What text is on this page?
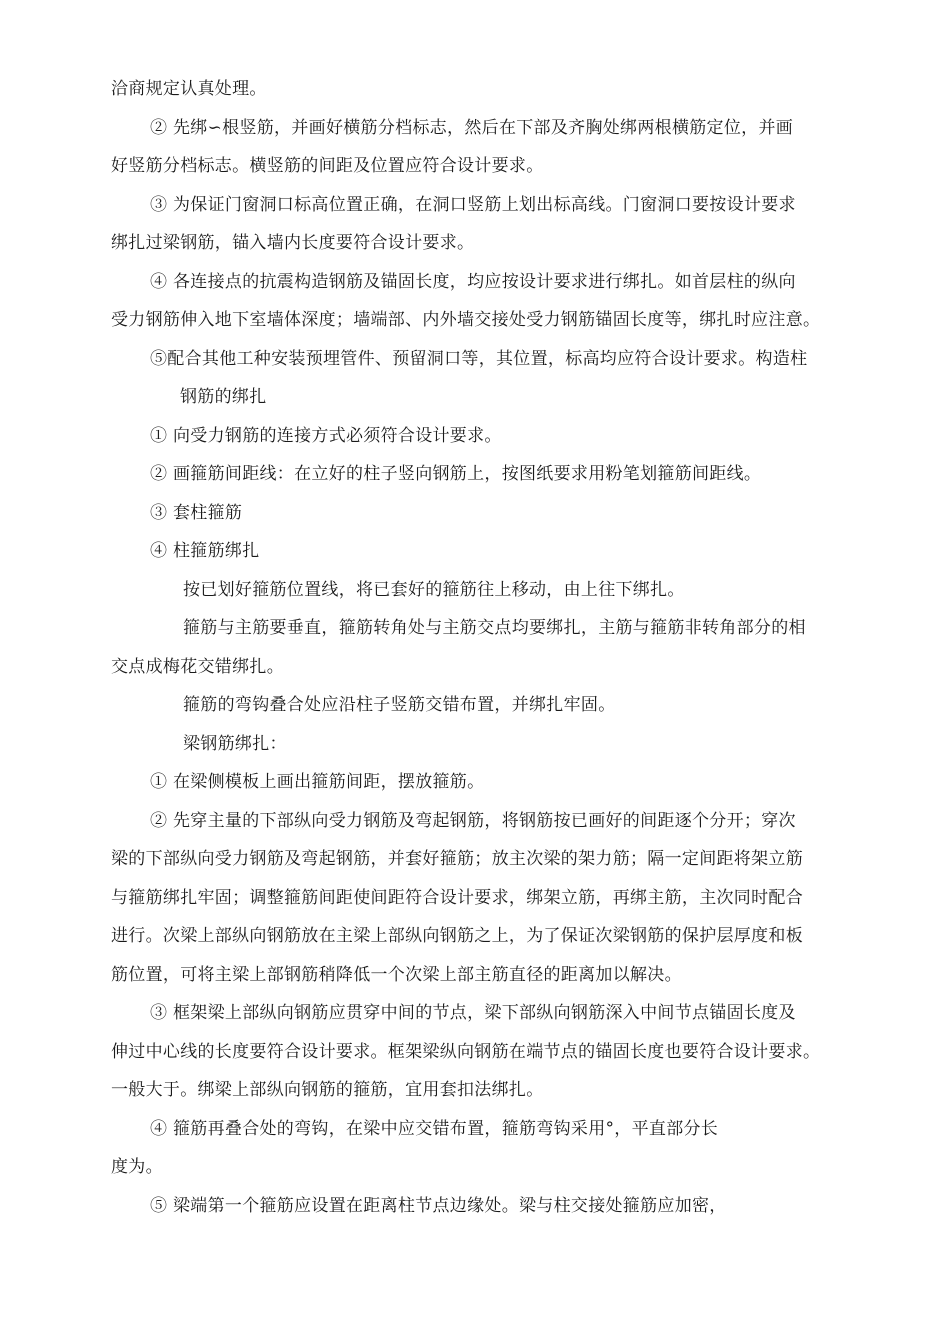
洽商规定认真处理。
② 先绑∽根竖筋，并画好横筋分档标志，然后在下部及齐胸处绑两根横筋定位，并画
好竖筋分档标志。横竖筋的间距及位置应符合设计要求。
③ 为保证门窗洞口标高位置正确，在洞口竖筋上划出标高线。门窗洞口要按设计要求
绑扎过梁钢筋，锚入墙内长度要符合设计要求。
④ 各连接点的抗震构造钢筋及锚固长度，均应按设计要求进行绑扎。如首层柱的纵向
受力钢筋伸入地下室墙体深度；墙端部、内外墙交接处受力钢筋锚固长度等，绑扎时应注意。
⑤配合其他工种安装预埋管件、预留洞口等，其位置，标高均应符合设计要求。构造柱
钢筋的绑扎
① 向受力钢筋的连接方式必须符合设计要求。
② 画箍筋间距线：在立好的柱子竖向钢筋上，按图纸要求用粉笔划箍筋间距线。
③ 套柱箍筋
④ 柱箍筋绑扎
按已划好箍筋位置线，将已套好的箍筋往上移动，由上往下绑扎。
箍筋与主筋要垂直，箍筋转角处与主筋交点均要绑扎，主筋与箍筋非转角部分的相
交点成梅花交错绑扎。
箍筋的弯钩叠合处应沿柱子竖筋交错布置，并绑扎牢固。
梁钢筋绑扎：
① 在梁侧模板上画出箍筋间距，摆放箍筋。
② 先穿主量的下部纵向受力钢筋及弯起钢筋，将钢筋按已画好的间距逐个分开；穿次
梁的下部纵向受力钢筋及弯起钢筋，并套好箍筋；放主次梁的架力筋；隔一定间距将架立筋
与箍筋绑扎牢固；调整箍筋间距使间距符合设计要求，绑架立筋，再绑主筋，主次同时配合
进行。次梁上部纵向钢筋放在主梁上部纵向钢筋之上，为了保证次梁钢筋的保护层厚度和板
筋位置，可将主梁上部钢筋稍降低一个次梁上部主筋直径的距离加以解决。
③ 框架梁上部纵向钢筋应贯穿中间的节点，梁下部纵向钢筋深入中间节点锚固长度及
伸过中心线的长度要符合设计要求。框架梁纵向钢筋在端节点的锚固长度也要符合设计要求。
一般大于。绑梁上部纵向钢筋的箍筋，宜用套扣法绑扎。
④ 箍筋再叠合处的弯钩，在梁中应交错布置，箍筋弯钩采用°，平直部分长
度为。
⑤ 梁端第一个箍筋应设置在距离柱节点边缘处。梁与柱交接处箍筋应加密，
